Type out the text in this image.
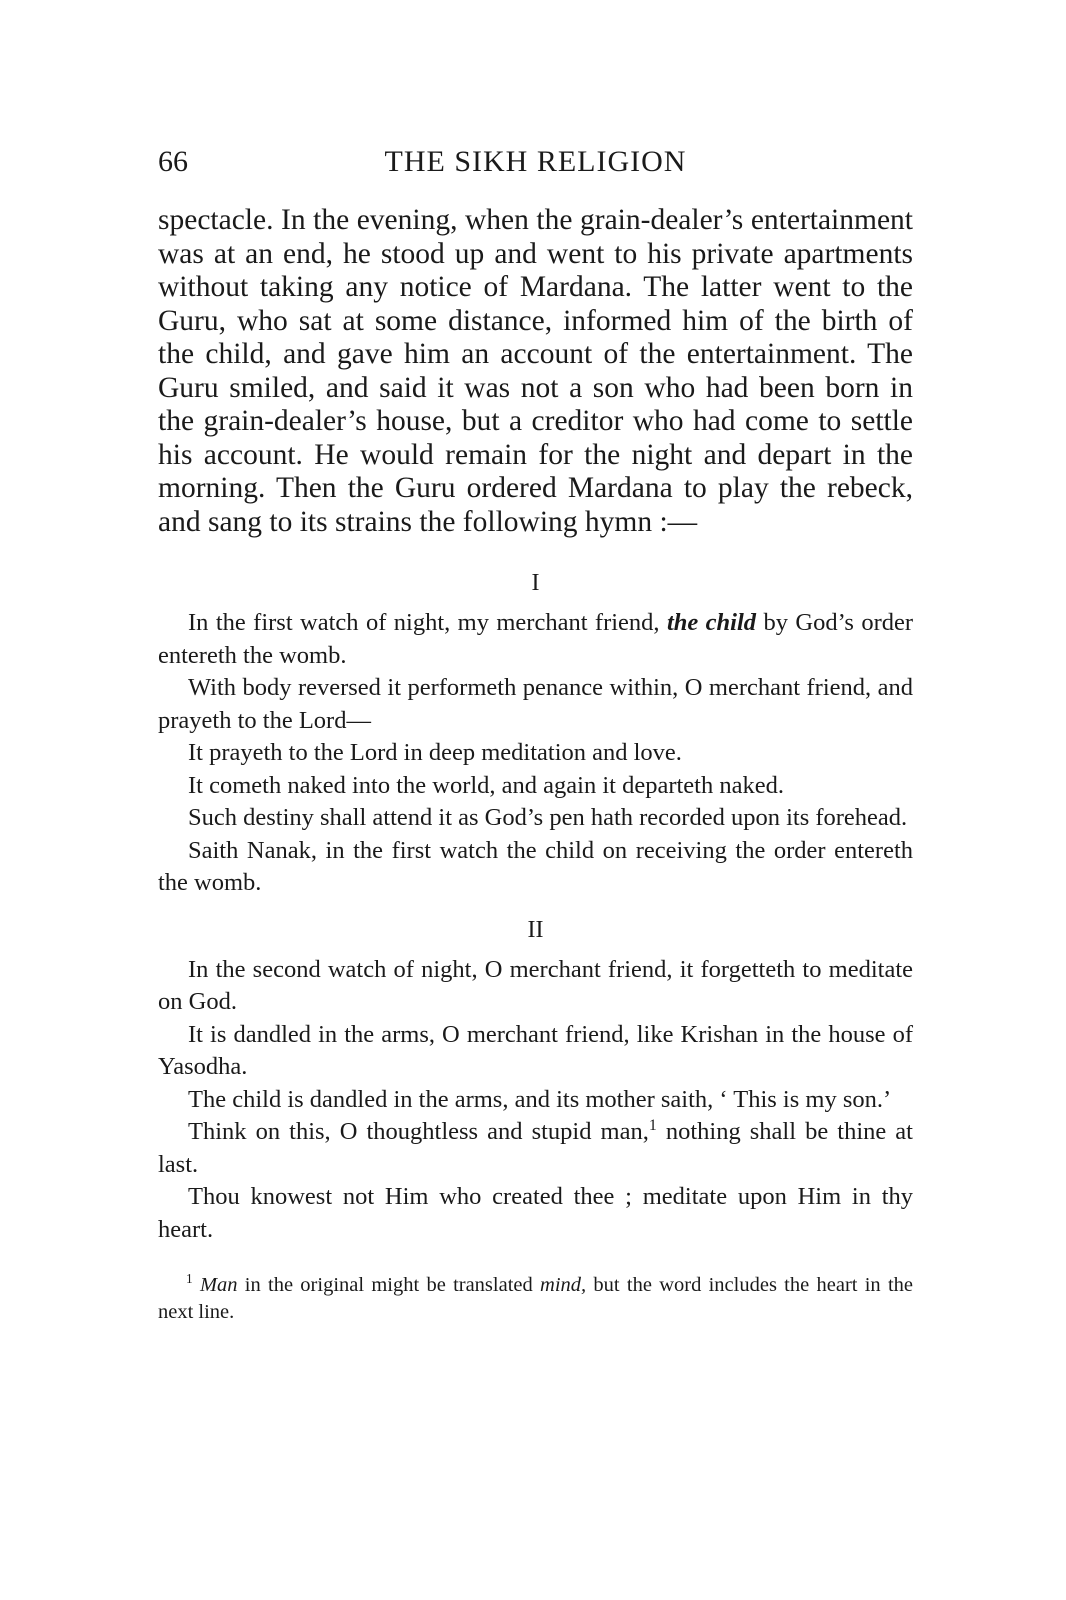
66	THE SIKH RELIGION

spectacle. In the evening, when the grain-dealer’s entertainment was at an end, he stood up and went to his private apartments without taking any notice of Mardana. The latter went to the Guru, who sat at some distance, informed him of the birth of the child, and gave him an account of the entertainment. The Guru smiled, and said it was not a son who had been born in the grain-dealer’s house, but a creditor who had come to settle his account. He would remain for the night and depart in the morning. Then the Guru ordered Mardana to play the rebeck, and sang to its strains the following hymn :—

I

In the first watch of night, my merchant friend, the child by God’s order entereth the womb.

With body reversed it performeth penance within, O merchant friend, and prayeth to the Lord—

It prayeth to the Lord in deep meditation and love.

It cometh naked into the world, and again it departeth naked.

Such destiny shall attend it as God’s pen hath recorded upon its forehead.

Saith Nanak, in the first watch the child on receiving the order entereth the womb.

II

In the second watch of night, O merchant friend, it forgetteth to meditate on God.

It is dandled in the arms, O merchant friend, like Krishan in the house of Yasodha.

The child is dandled in the arms, and its mother saith, ‘ This is my son.’

Think on this, O thoughtless and stupid man,$^1$ nothing shall be thine at last.

Thou knowest not Him who created thee ; meditate upon Him in thy heart.

$^1$ Man in the original might be translated mind, but the word includes the heart in the next line.
